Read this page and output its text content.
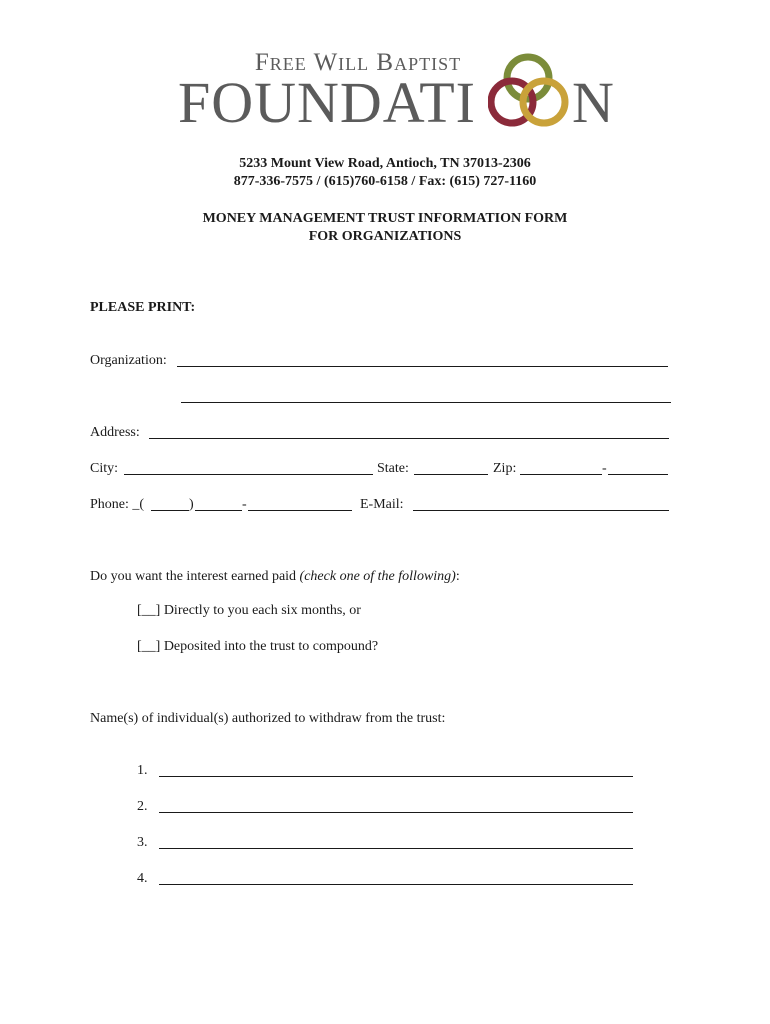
Free Will Baptist
FOUNDATI N
5233 Mount View Road, Antioch, TN 37013-2306
877-336-7575 / (615)760-6158 / Fax: (615) 727-1160
MONEY MANAGEMENT TRUST INFORMATION FORM
FOR ORGANIZATIONS
PLEASE PRINT:
Organization:
Address:
City:	State:	Zip:	-
Phone: _(	)	-	E-Mail:
Do you want the interest earned paid (check one of the following):
[__] Directly to you each six months, or
[__] Deposited into the trust to compound?
Name(s) of individual(s) authorized to withdraw from the trust:
1.
2.
3.
4.
